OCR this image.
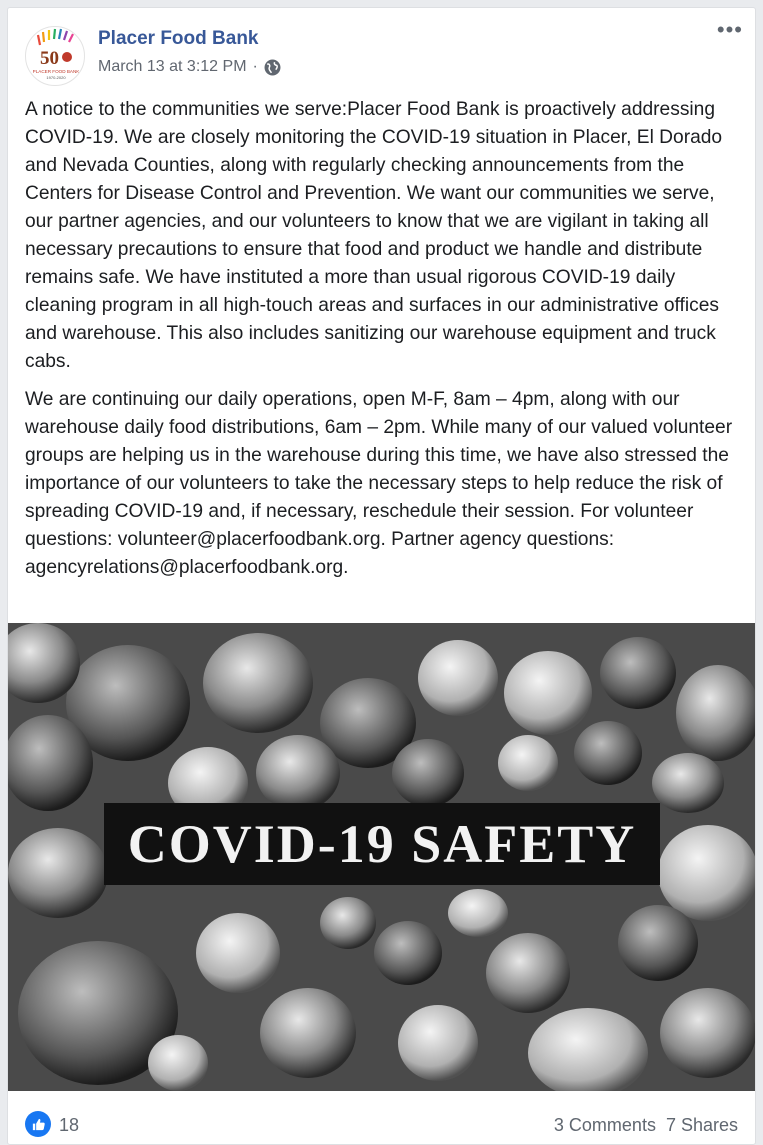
50
PLACER FOOD BANK
1970-2020
Placer Food Bank
March 13 at 3:12 PM ·
•••

A notice to the communities we serve:Placer Food Bank is proactively addressing COVID-19. We are closely monitoring the COVID-19 situation in Placer, El Dorado and Nevada Counties, along with regularly checking announcements from the Centers for Disease Control and Prevention. We want our communities we serve, our partner agencies, and our volunteers to know that we are vigilant in taking all necessary precautions to ensure that food and product we handle and distribute remains safe. We have instituted a more than usual rigorous COVID-19 daily cleaning program in all high-touch areas and surfaces in our administrative offices and warehouse. This also includes sanitizing our warehouse equipment and truck cabs.

We are continuing our daily operations, open M-F, 8am – 4pm, along with our warehouse daily food distributions, 6am – 2pm. While many of our valued volunteer groups are helping us in the warehouse during this time, we have also stressed the importance of our volunteers to take the necessary steps to help reduce the risk of spreading COVID-19 and, if necessary, reschedule their session. For volunteer questions: volunteer@placerfoodbank.org. Partner agency questions: agencyrelations@placerfoodbank.org.

COVID-19 SAFETY
18	3 Comments 7 Shares
